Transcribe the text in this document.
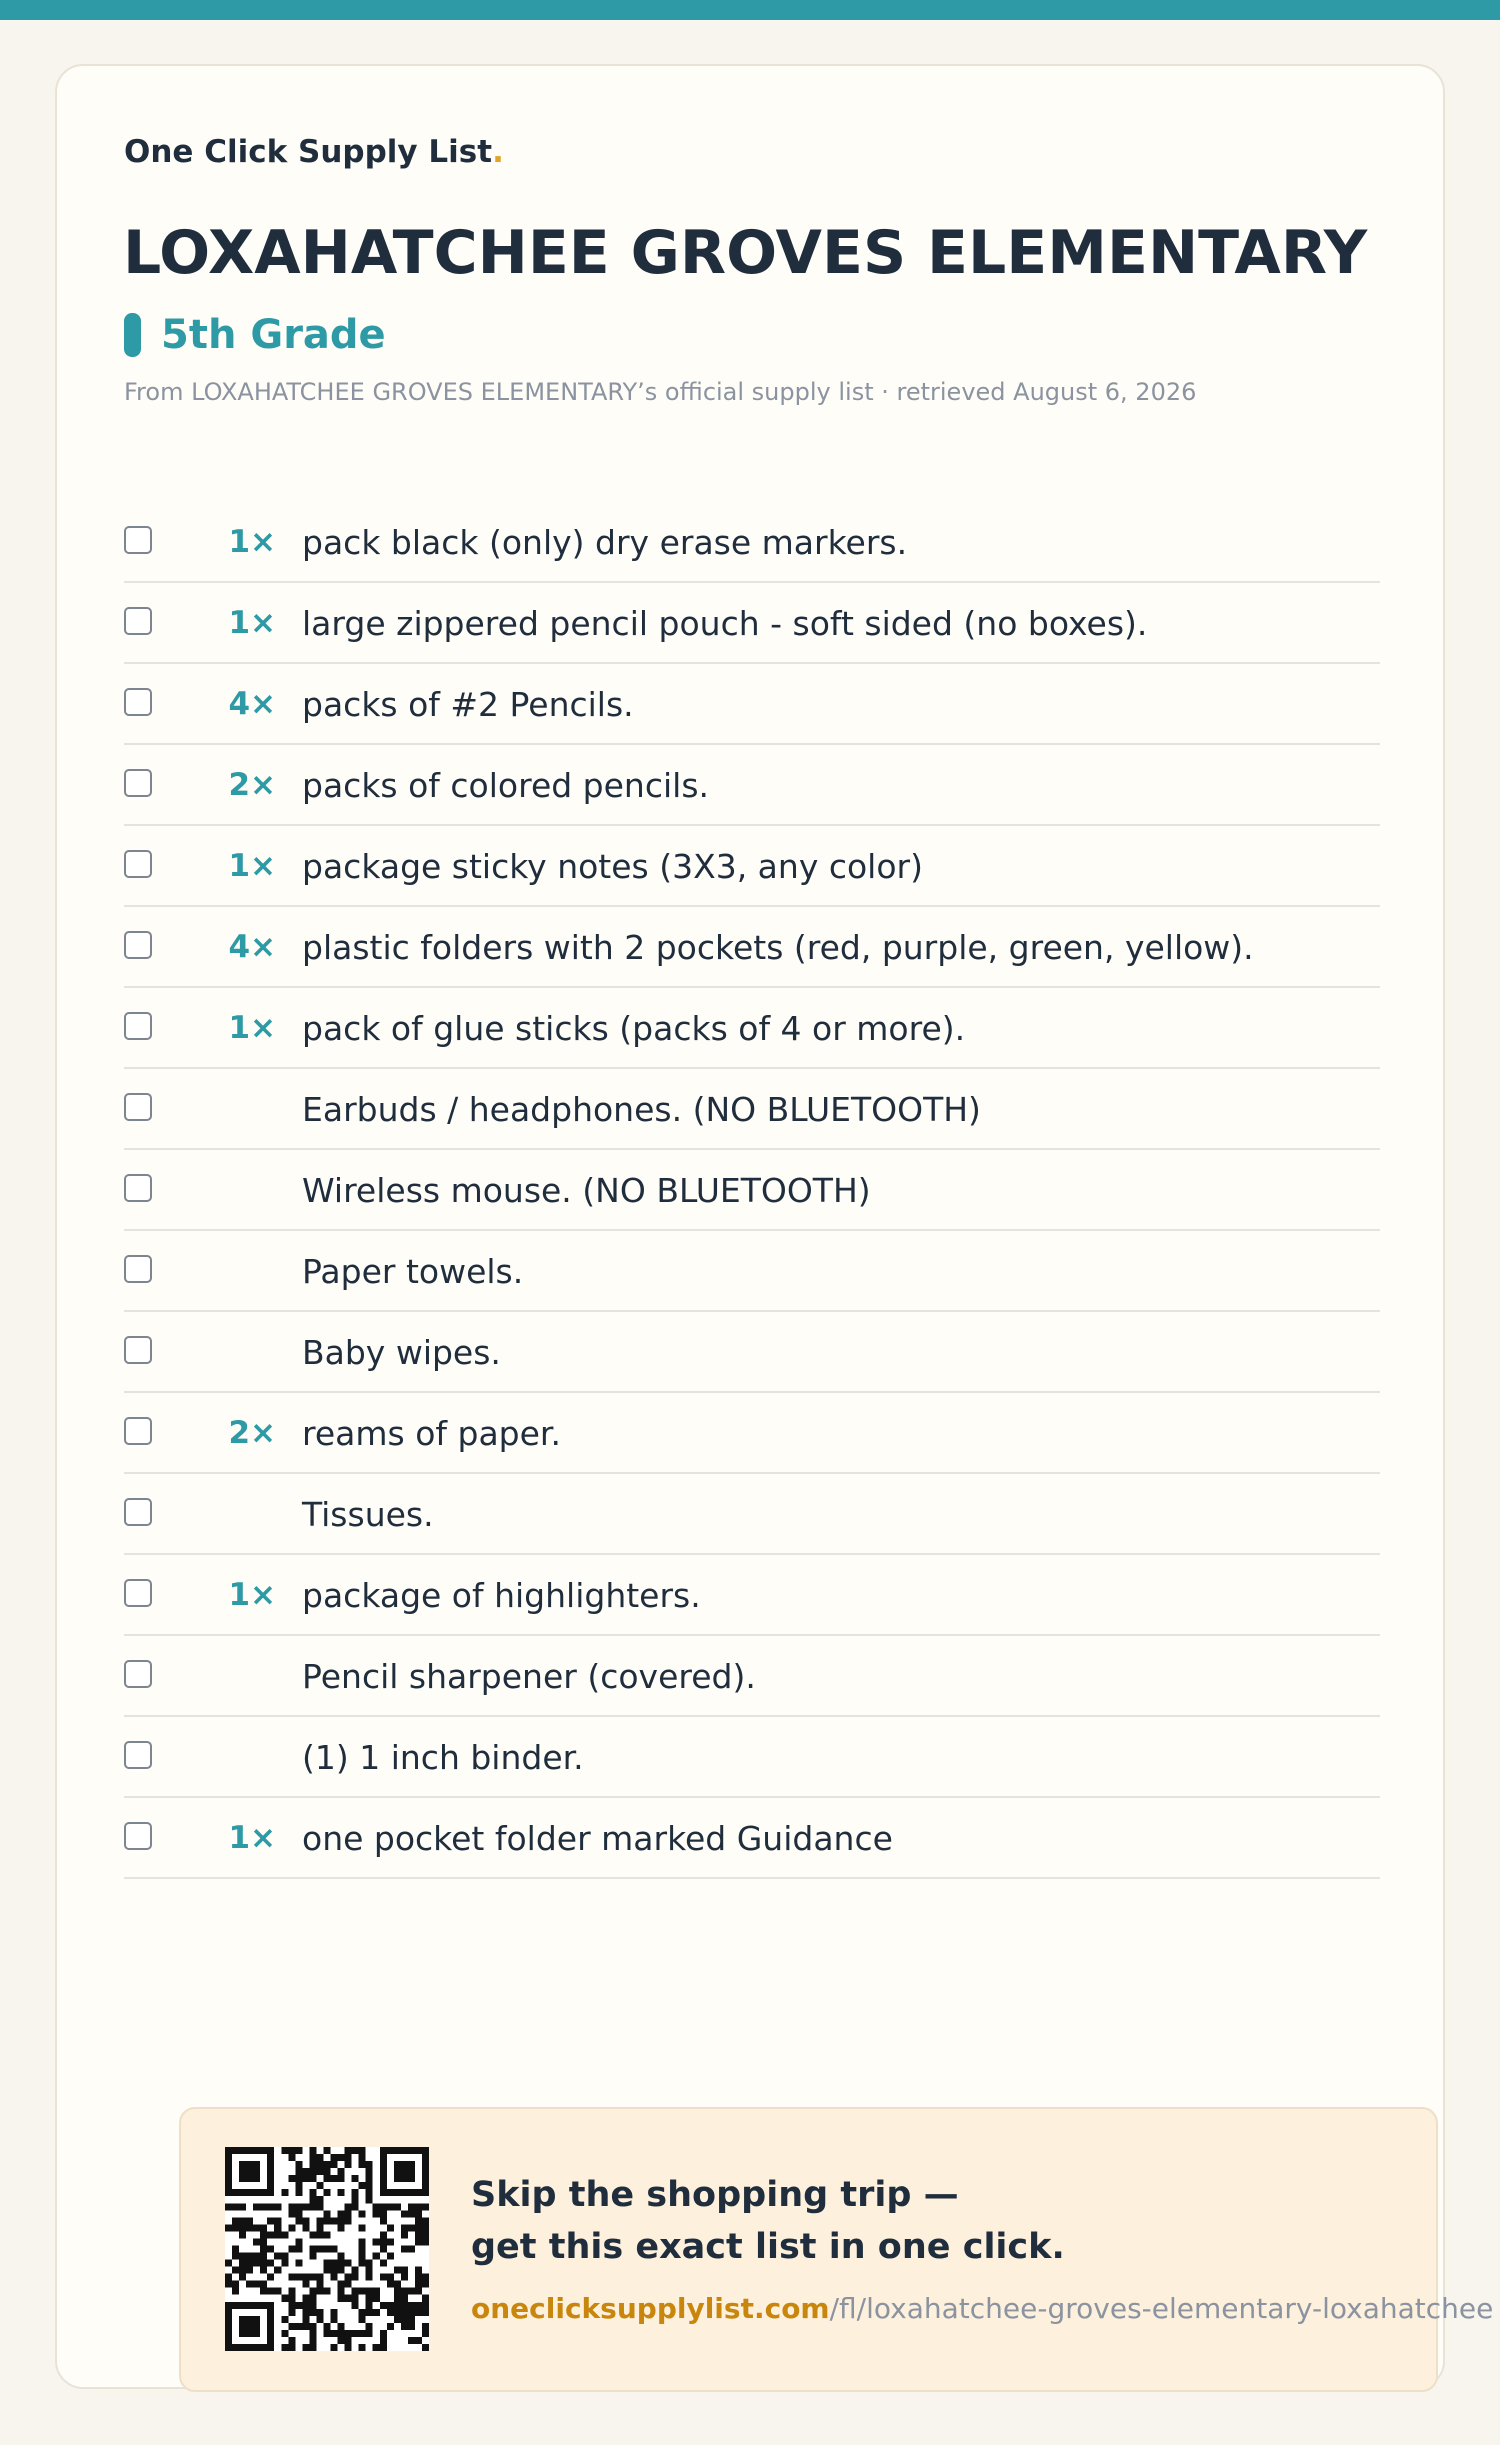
One Click Supply List.
LOXAHATCHEE GROVES ELEMENTARY
5th Grade
From LOXAHATCHEE GROVES ELEMENTARY’s official supply list · retrieved August 6, 2026
1× pack black (only) dry erase markers.
1× large zippered pencil pouch - soft sided (no boxes).
4× packs of #2 Pencils.
2× packs of colored pencils.
1× package sticky notes (3X3, any color)
4× plastic folders with 2 pockets (red, purple, green, yellow).
1× pack of glue sticks (packs of 4 or more).
Earbuds / headphones. (NO BLUETOOTH)
Wireless mouse. (NO BLUETOOTH)
Paper towels.
Baby wipes.
2× reams of paper.
Tissues.
1× package of highlighters.
Pencil sharpener (covered).
(1) 1 inch binder.
1× one pocket folder marked Guidance
Skip the shopping trip —
get this exact list in one click.
oneclicksupplylist.com/fl/loxahatchee-groves-elementary-loxahatchee
